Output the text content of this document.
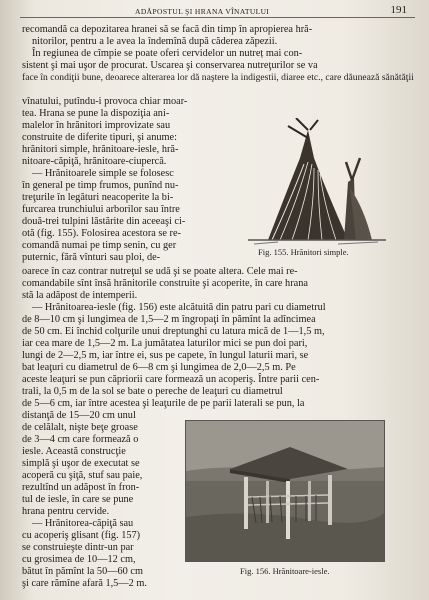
ADĂPOSTUL ŞI HRANA VÎNATULUI	191
recomandă ca depozitarea hranei să se facă din timp în apropierea hră-
nitorilor, pentru a le avea la îndemînă după căderea zăpezii.
În regiunea de cîmpie se poate oferi cervidelor un nutreț mai con-
sistent şi mai uşor de procurat. Uscarea şi conservarea nutreţurilor se va
face în condiţii bune, deoarece alterarea lor dă naştere la indigestii, diaree etc., care dăunează sănătăţii
vînatului, putîndu-i provoca chiar moar-
tea. Hrana se pune la dispoziţia ani-
malelor în hrănitori improvizate sau
construite de diferite tipuri, şi anume:
hrănitori simple, hrănitoare-iesle, hră-
nitoare-căpiţă, hrănitoare-ciupercă.
— Hrănitoarele simple se folosesc
în general pe timp frumos, punînd nu-
treţurile în legături neacoperite la bi-
furcarea trunchiului arborilor sau între
două-trei tulpini lăstărite din aceeaşi ci-
otă (fig. 155). Folosirea acestora se re-
comandă numai pe timp senin, cu ger
puternic, fără vînturi sau ploi, de-	Fig. 155. Hrănitori simple.
oarece în caz contrar nutreţul se udă şi se poate altera. Cele mai re-
comandabile sînt însă hrănitorile construite şi acoperite, în care hrana
stă la adăpost de intemperii.
— Hrănitoarea-iesle (fig. 156) este alcătuită din patru pari cu diametrul
de 8—10 cm şi lungimea de 1,5—2 m îngropaţi în pămînt la adîncimea
de 50 cm. Ei închid colţurile unui dreptunghi cu latura mică de 1—1,5 m,
iar cea mare de 1,5—2 m. La jumătatea laturilor mici se pun doi pari,
lungi de 2—2,5 m, iar între ei, sus pe capete, în lungul laturii mari, se
bat leaţuri cu diametrul de 6—8 cm şi lungimea de 2,0—2,5 m. Pe
aceste leaţuri se pun căpriorii care formează un acoperiş. Între parii cen-
trali, la 0,5 m de la sol se bate o pereche de leaţuri cu diametrul
de 5—6 cm, iar între acestea şi leaţurile de pe parii laterali se pun, la
distanţă de 15—20 cm unul
de celălalt, nişte beţe groase
de 3—4 cm care formează o
iesle. Această construcţie
simplă şi uşor de executat se
acoperă cu şiţă, stuf sau paie,
rezultînd un adăpost în fron-
tul de iesle, în care se pune
hrana pentru cervide.
— Hrănitorea-căpiţă sau
cu acoperiş glisant (fig. 157)
se construieşte dintr-un par
cu grosimea de 10—12 cm,
bătut în pămînt la 50—60 cm
şi care rămîne afară 1,5—2 m.
Fig. 156. Hrănitoare-iesle.
